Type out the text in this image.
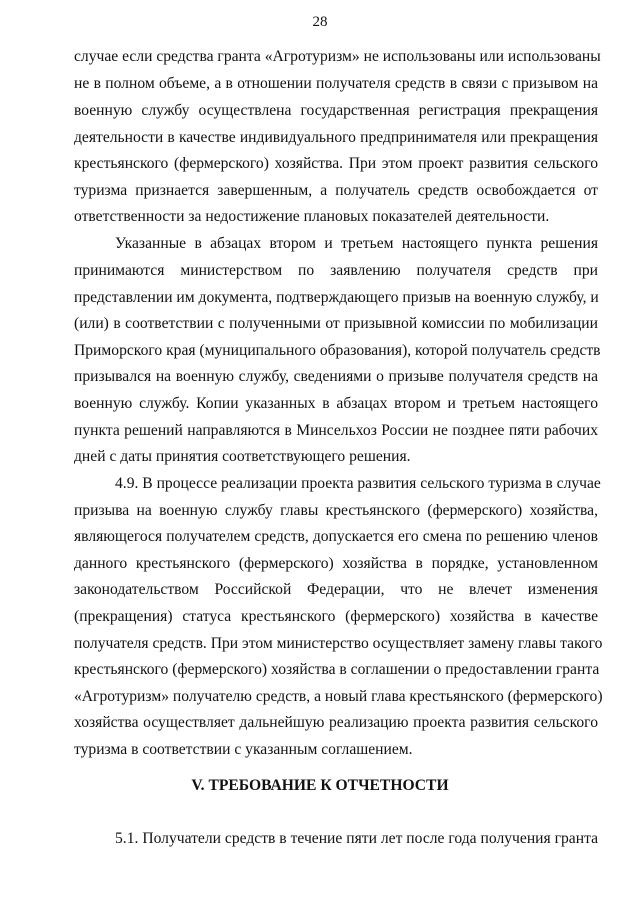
28
случае если средства гранта «Агротуризм» не использованы или использованы
не в полном объеме, а в отношении получателя средств в связи с призывом на
военную службу осуществлена государственная регистрация прекращения
деятельности в качестве индивидуального предпринимателя или прекращения
крестьянского (фермерского) хозяйства. При этом проект развития сельского
туризма признается завершенным, а получатель средств освобождается от
ответственности за недостижение плановых показателей деятельности.
Указанные в абзацах втором и третьем настоящего пункта решения
принимаются министерством по заявлению получателя средств при
представлении им документа, подтверждающего призыв на военную службу, и
(или) в соответствии с полученными от призывной комиссии по мобилизации
Приморского края (муниципального образования), которой получатель средств
призывался на военную службу, сведениями о призыве получателя средств на
военную службу. Копии указанных в абзацах втором и третьем настоящего
пункта решений направляются в Минсельхоз России не позднее пяти рабочих
дней с даты принятия соответствующего решения.
4.9. В процессе реализации проекта развития сельского туризма в случае
призыва на военную службу главы крестьянского (фермерского) хозяйства,
являющегося получателем средств, допускается его смена по решению членов
данного крестьянского (фермерского) хозяйства в порядке, установленном
законодательством Российской Федерации, что не влечет изменения
(прекращения) статуса крестьянского (фермерского) хозяйства в качестве
получателя средств. При этом министерство осуществляет замену главы такого
крестьянского (фермерского) хозяйства в соглашении о предоставлении гранта
«Агротуризм» получателю средств, а новый глава крестьянского (фермерского)
хозяйства осуществляет дальнейшую реализацию проекта развития сельского
туризма в соответствии с указанным соглашением.
5.1. Получатели средств в течение пяти лет после года получения гранта
V. ТРЕБОВАНИЕ К ОТЧЕТНОСТИ
